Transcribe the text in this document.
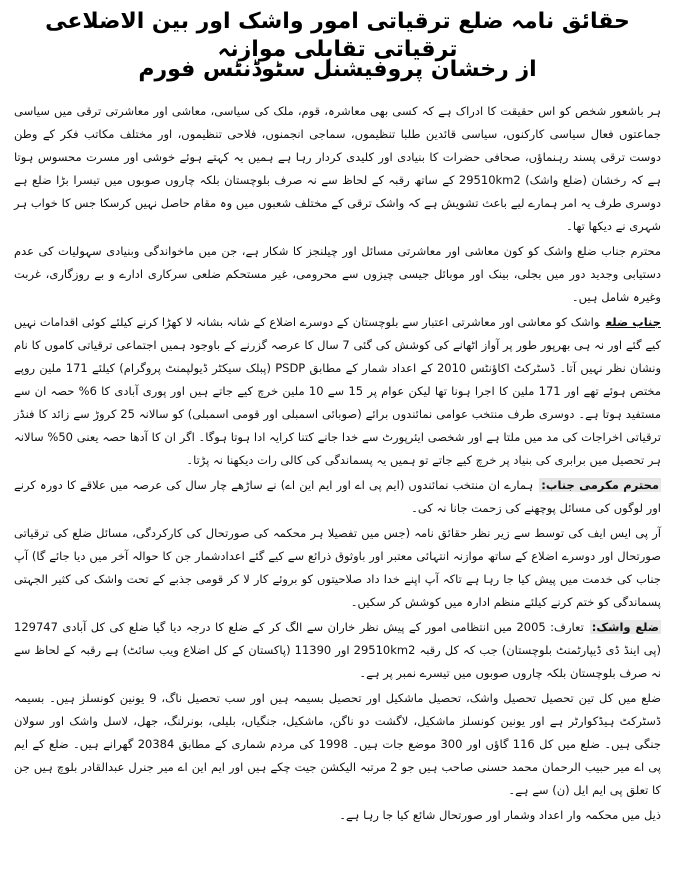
حقائق نامہ ضلع ترقیاتی امور واشک اور بین الاضلاعی ترقیاتی تقابلی موازنہ
از رخشان پروفیشنل سٹوڈنٹس فورم

ہر باشعور شخص کو اس حقیقت کا ادراک ہے کہ کسی بھی معاشرہ، قوم، ملک کی سیاسی، معاشی اور معاشرتی ترقی میں سیاسی جماعتوں فعال سیاسی کارکنوں، سیاسی قائدین طلبا تنظیموں، سماجی انجمنوں، فلاحی تنظیموں، اور مختلف مکاتب فکر کے وطن دوست ترقی پسند رہنماؤں، صحافی حضرات کا بنیادی اور کلیدی کردار رہا ہے ہمیں یہ کہتے ہوئے خوشی اور مسرت محسوس ہوتا ہے کہ رخشان (ضلع واشک) 29510km2 کے ساتھ رقبہ کے لحاظ سے نہ صرف بلوچستان بلکہ چاروں صوبوں میں تیسرا بڑا ضلع ہے دوسری طرف یہ امر ہمارے لیے باعث تشویش ہے کہ واشک ترقی کے مختلف شعبوں میں وہ مقام حاصل نہیں کرسکا جس کا خواب ہر شہری نے دیکھا تھا۔

محترم جناب ضلع واشک کو کون معاشی اور معاشرتی مسائل اور چیلنجز کا شکار ہے، جن میں ماخواندگی وبنیادی سہولیات کی عدم دستیابی وجدید دور میں بجلی، بینک اور موبائل جیسی چیزوں سے محرومی، غیر مستحکم ضلعی سرکاری ادارے و بے روزگاری، غربت وغیرہ شامل ہیں۔

جناب ضلعواشک کو معاشی اور معاشرتی اعتبار سے بلوچستان کے دوسرے اضلاع کے شانہ بشانہ لا کھڑا کرنے کیلئے کوئی اقدامات نہیں کیے گئے اور نہ ہی بھرپور طور پر آواز اٹھانے کی کوشش کی گئی 7 سال کا عرصہ گزرنے کے باوجود ہمیں اجتماعی ترقیاتی کاموں کا نام ونشان نظر نہیں آتا۔ ڈسٹرکٹ اکاؤنٹس 2010 کے اعداد شمار کے مطابق PSDP (پبلک سیکٹر ڈیولپمنٹ پروگرام) کیلئے 171 ملین روپے مختص ہوئے تھے اور 171 ملین کا اجرا ہونا تھا لیکن عوام پر 15 سے 10 ملین خرچ کیے جاتے ہیں اور پوری آبادی کا 6% حصہ ان سے مستفید ہوتا ہے۔ دوسری طرف منتخب عوامی نمائندوں برائے (صوبائی اسمبلی اور قومی اسمبلی) کو سالانہ 25 کروڑ سے زائد کا فنڈز ترقیاتی اخراجات کی مد میں ملتا ہے اور شخصی ایئرپورٹ سے خدا جانے کتنا کرایہ ادا ہوتا ہوگا۔ اگر ان کا آدھا حصہ یعنی 50% سالانہ ہر تحصیل میں برابری کی بنیاد پر خرچ کیے جاتے تو ہمیں یہ پسماندگی کی کالی رات دیکھنا نہ پڑتا۔

محترم مکرمی جناب:ہمارے ان منتخب نمائندوں (ایم پی اے اور ایم این اے) نے ساڑھے چار سال کی عرصہ میں علاقے کا دورہ کرنے اور لوگوں کی مسائل پوچھنے کی زحمت جانا نہ کی۔

آر پی ایس ایف کی توسط سے زیر نظر حقائق نامہ (جس میں تفصیلا ہر محکمہ کی صورتحال کی کارکردگی، مسائل ضلع کی ترقیاتی صورتحال اور دوسرے اضلاع کے ساتھ موازنہ انتہائی معتبر اور باوثوق ذرائع سے کیے گئے اعدادشمار جن کا حوالہ آخر میں دیا جائے گا) آپ جناب کی خدمت میں پیش کیا جا رہا ہے تاکہ آپ اپنے خدا داد صلاحیتوں کو بروئے کار لا کر قومی جذبے کے تحت واشک کی کثیر الجہتی پسماندگی کو ختم کرنے کیلئے منظم ادارہ میں کوشش کر سکیں۔

ضلع واشک:تعارف: 2005 میں انتظامی امور کے پیش نظر خاران سے الگ کر کے ضلع کا درجہ دیا گیا ضلع کی کل آبادی 129747 (پی اینڈ ڈی ڈیپارٹمنٹ بلوچستان) جب کہ کل رقبہ 29510km2 اور 11390 (پاکستان کے کل اضلاع ویب سائٹ) ہے رقبہ کے لحاظ سے نہ صرف بلوچستان بلکہ چاروں صوبوں میں تیسرے نمبر پر ہے۔

ضلع میں کل تین تحصیل تحصیل واشک، تحصیل ماشکیل اور تحصیل بسیمہ ہیں اور سب تحصیل ناگ، 9 یونین کونسلز ہیں۔ بسیمہ ڈسٹرکٹ ہیڈکوارٹر ہے اور یونین کونسلز ماشکیل، لاگشت دو ناگن، ماشکیل، جنگیاں، بلیلی، بونرلنگ، جھل، لاسل واشک اور سولان جنگی ہیں۔ ضلع میں کل 116 گاؤں اور 300 موضع جات ہیں۔ 1998 کی مردم شماری کے مطابق 20384 گھرانے ہیں۔ ضلع کے ایم پی اے میر حبیب الرحمان محمد حسنی صاحب ہیں جو 2 مرتبہ الیکشن جیت چکے ہیں اور ایم این اے میر جنرل عبدالقادر بلوچ ہیں جن کا تعلق پی ایم ایل (ن) سے ہے۔

ذیل میں محکمہ وار اعداد وشمار اور صورتحال شائع کیا جا رہا ہے۔
